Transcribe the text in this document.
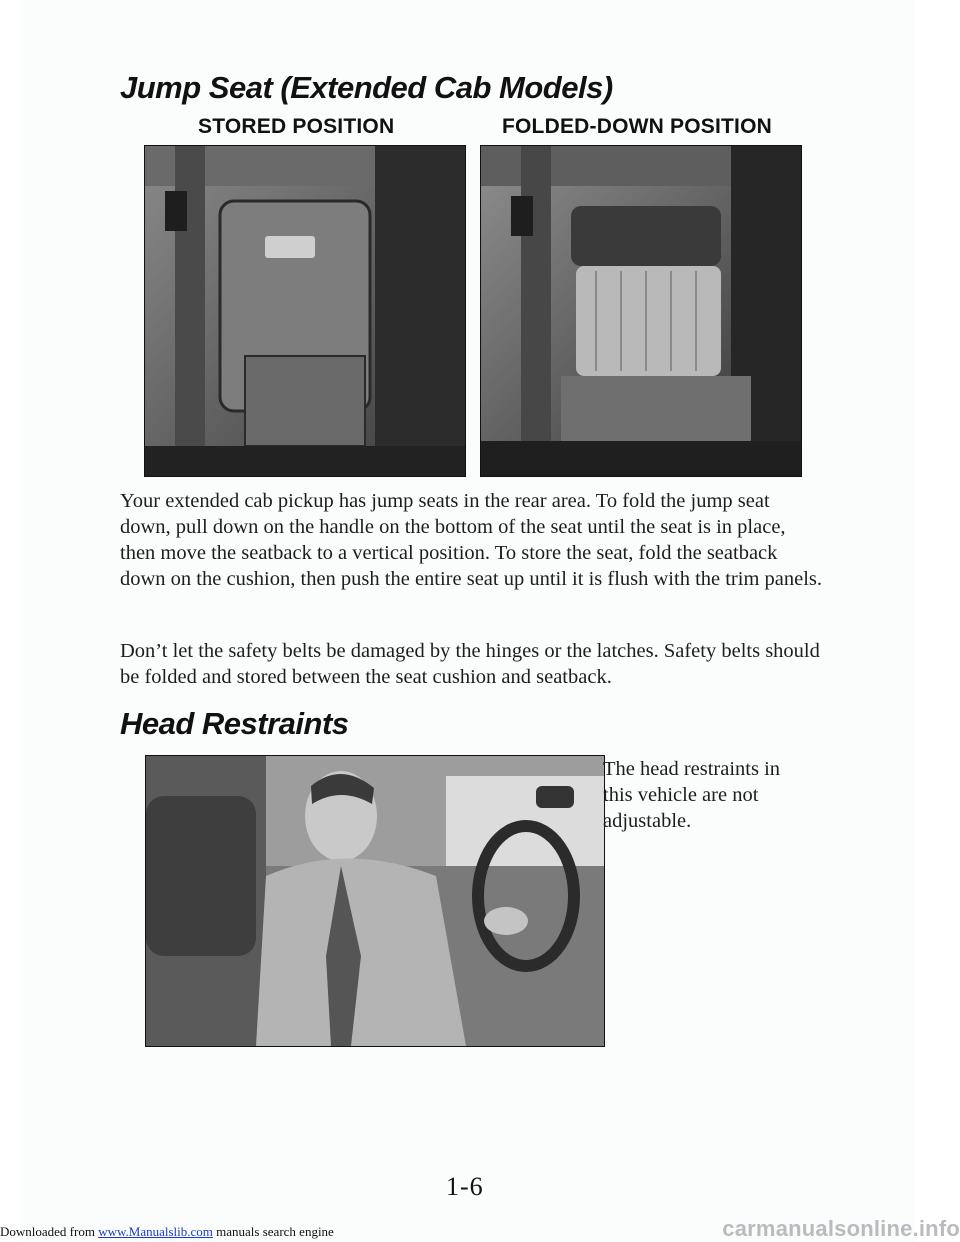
Jump Seat (Extended Cab Models)
STORED POSITION	FOLDED-DOWN POSITION

Your extended cab pickup has jump seats in the rear area. To fold the jump seat down, pull down on the handle on the bottom of the seat until the seat is in place, then move the seatback to a vertical position. To store the seat, fold the seatback down on the cushion, then push the entire seat up until it is flush with the trim panels.

Don’t let the safety belts be damaged by the hinges or the latches. Safety belts should be folded and stored between the seat cushion and seatback.

Head Restraints

The head restraints in this vehicle are not adjustable.

1-6
Downloaded from www.Manualslib.com manuals search engine	carmanualsonline.info
